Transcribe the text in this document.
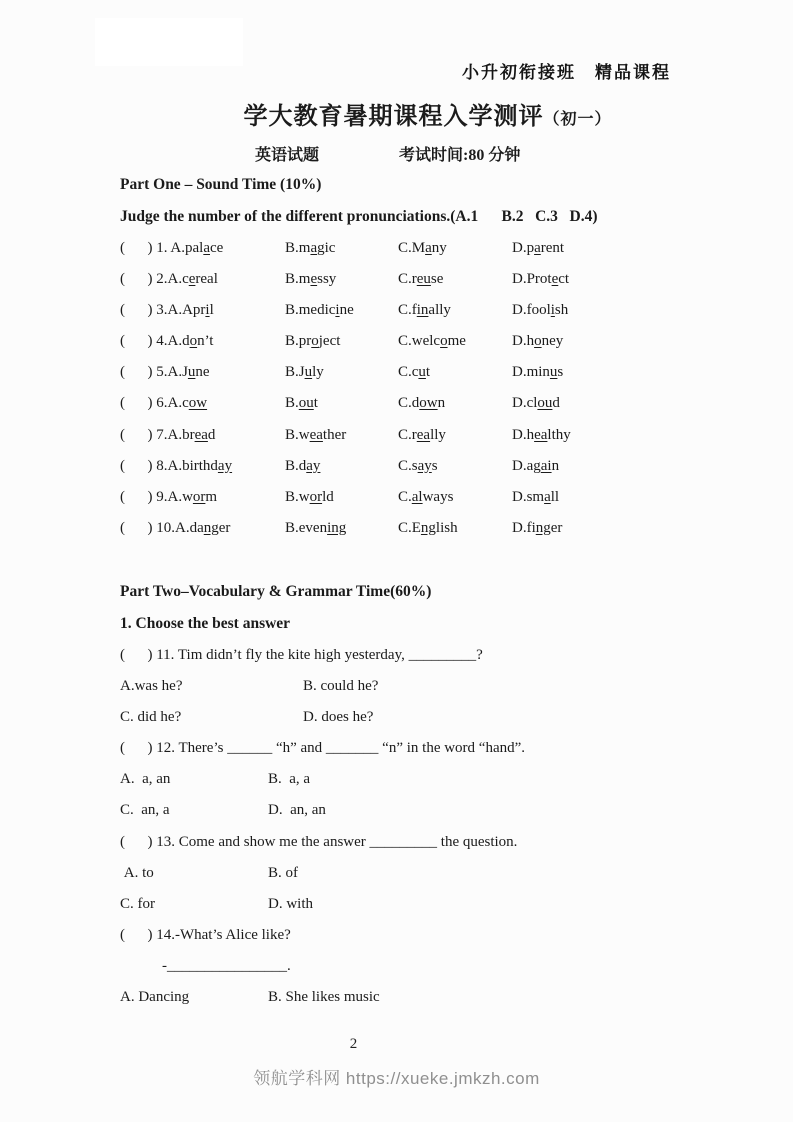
小升初衔接班　精品课程
学大教育暑期课程入学测评（初一）
英语试题	考试时间:80 分钟
Part One – Sound Time (10%)
Judge the number of the different pronunciations.(A.1      B.2   C.3   D.4)
(      ) 1. A.palace	B.magic	C.Many	D.parent
(      ) 2.A.cereal	B.messy	C.reuse	D.Protect
(      ) 3.A.April	B.medicine	C.finally	D.foolish
(      ) 4.A.don’t	B.project	C.welcome	D.honey
(      ) 5.A.June	B.July	C.cut	D.minus
(      ) 6.A.cow	B.out	C.down	D.cloud
(      ) 7.A.bread	B.weather	C.really	D.healthy
(      ) 8.A.birthday	B.day	C.says	D.again
(      ) 9.A.worm	B.world	C.always	D.small
(      ) 10.A.danger	B.evening	C.English	D.finger
Part Two–Vocabulary & Grammar Time(60%)
1. Choose the best answer
(      ) 11. Tim didn’t fly the kite high yesterday, _________?
A.was he?	B. could he?
C. did he?	D. does he?
(      ) 12. There’s ______ “h” and _______ “n” in the word “hand”.
A.  a, an	B.  a, a
C.  an, a	D.  an, an
(      ) 13. Come and show me the answer _________ the question.
A. to	B. of
C. for	D. with
(      ) 14.-What’s Alice like?
-________________.
A. Dancing	B. She likes music
2
领航学科网 https://xueke.jmkzh.com
